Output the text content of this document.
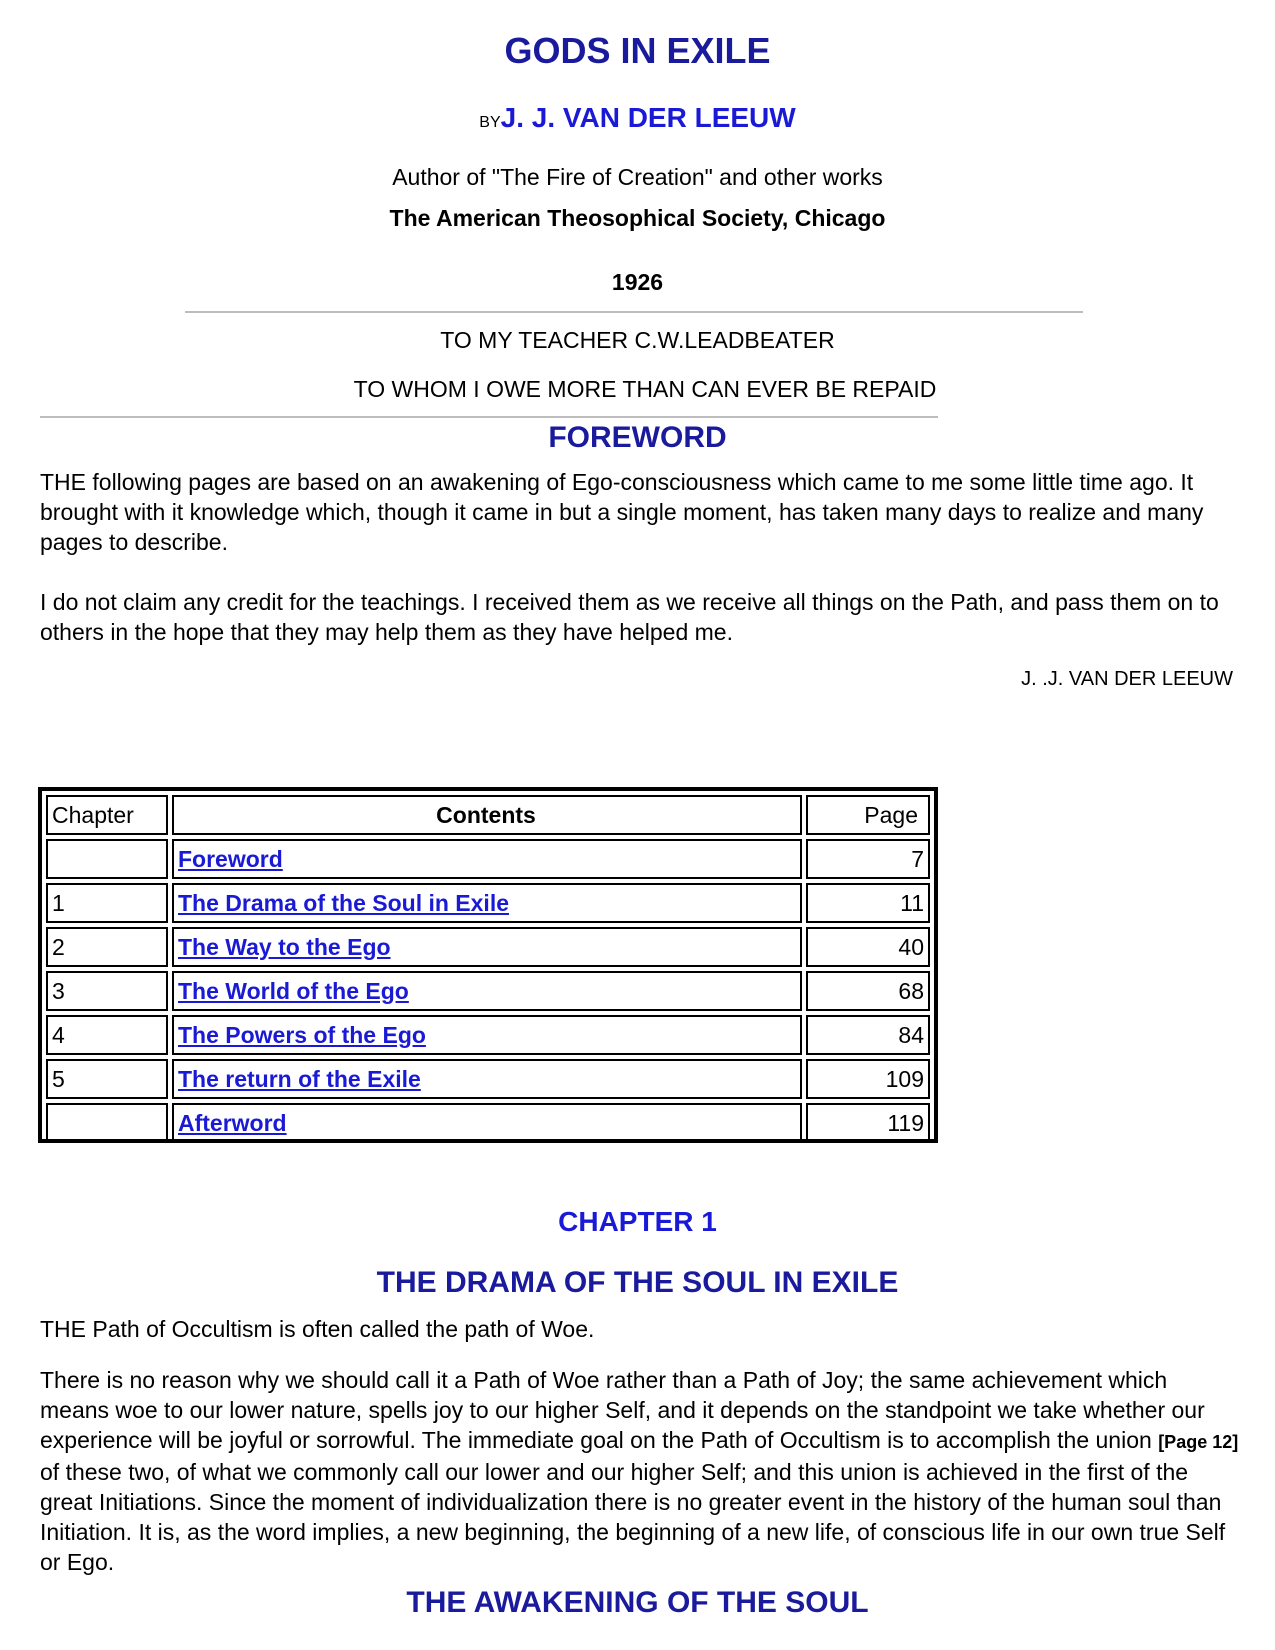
GODS IN EXILE
BYJ. J. VAN DER LEEUW
Author of "The Fire of Creation" and other works
The American Theosophical Society, Chicago
1926
TO MY TEACHER C.W.LEADBEATER
TO WHOM I OWE MORE THAN CAN EVER BE REPAID
FOREWORD

THE following pages are based on an awakening of Ego-consciousness which came to me some little time ago. It brought with it knowledge which, though it came in but a single moment, has taken many days to realize and many pages to describe.

I do not claim any credit for the teachings. I received them as we receive all things on the Path, and pass them on to others in the hope that they may help them as they have helped me.

J. .J. VAN DER LEEUW
Chapter	Contents	Page
	Foreword	7
1	The Drama of the Soul in Exile	11
2	The Way to the Ego	40
3	The World of the Ego	68
4	The Powers of the Ego	84
5	The return of the Exile	109
	Afterword	119
CHAPTER 1
THE DRAMA OF THE SOUL IN EXILE

THE Path of Occultism is often called the path of Woe.

There is no reason why we should call it a Path of Woe rather than a Path of Joy; the same achievement which means woe to our lower nature, spells joy to our higher Self, and it depends on the standpoint we take whether our experience will be joyful or sorrowful. The immediate goal on the Path of Occultism is to accomplish the union [Page 12] of these two, of what we commonly call our lower and our higher Self; and this union is achieved in the first of the great Initiations. Since the moment of individualization there is no greater event in the history of the human soul than Initiation. It is, as the word implies, a new beginning, the beginning of a new life, of conscious life in our own true Self or Ego.

THE AWAKENING OF THE SOUL
